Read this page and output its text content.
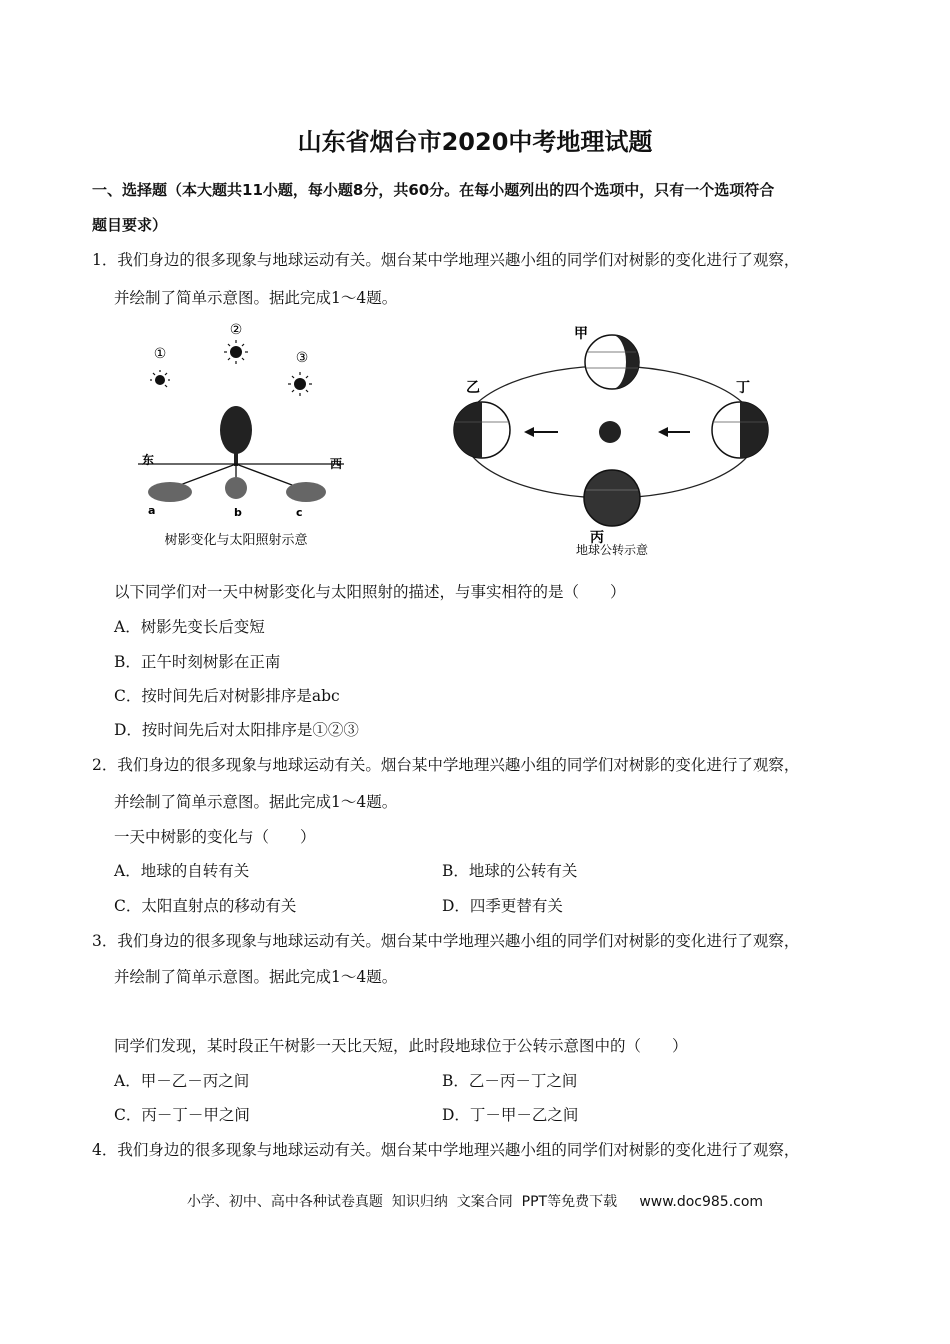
山东省烟台市2020中考地理试题
一、选择题（本大题共11小题，每小题8分，共60分。在每小题列出的四个选项中，只有一个选项符合
题目要求）
1．我们身边的很多现象与地球运动有关。烟台某中学地理兴趣小组的同学们对树影的变化进行了观察，
并绘制了简单示意图。据此完成1～4题。
①
②
③
东	西
a	b	c
树影变化与太阳照射示意
甲
乙
丙
丁
地球公转示意
以下同学们对一天中树影变化与太阳照射的描述，与事实相符的是（　　）
A．树影先变长后变短
B．正午时刻树影在正南
C．按时间先后对树影排序是abc
D．按时间先后对太阳排序是①②③
2．我们身边的很多现象与地球运动有关。烟台某中学地理兴趣小组的同学们对树影的变化进行了观察，
并绘制了简单示意图。据此完成1～4题。
一天中树影的变化与（　　）
A．地球的自转有关	B．地球的公转有关
C．太阳直射点的移动有关	D．四季更替有关
3．我们身边的很多现象与地球运动有关。烟台某中学地理兴趣小组的同学们对树影的变化进行了观察，
并绘制了简单示意图。据此完成1～4题。
同学们发现，某时段正午树影一天比天短，此时段地球位于公转示意图中的（　　）
A．甲－乙－丙之间	B．乙－丙－丁之间
C．丙－丁－甲之间	D．丁－甲－乙之间
4．我们身边的很多现象与地球运动有关。烟台某中学地理兴趣小组的同学们对树影的变化进行了观察，
小学、初中、高中各种试卷真题  知识归纳  文案合同  PPT等免费下载     www.doc985.com
